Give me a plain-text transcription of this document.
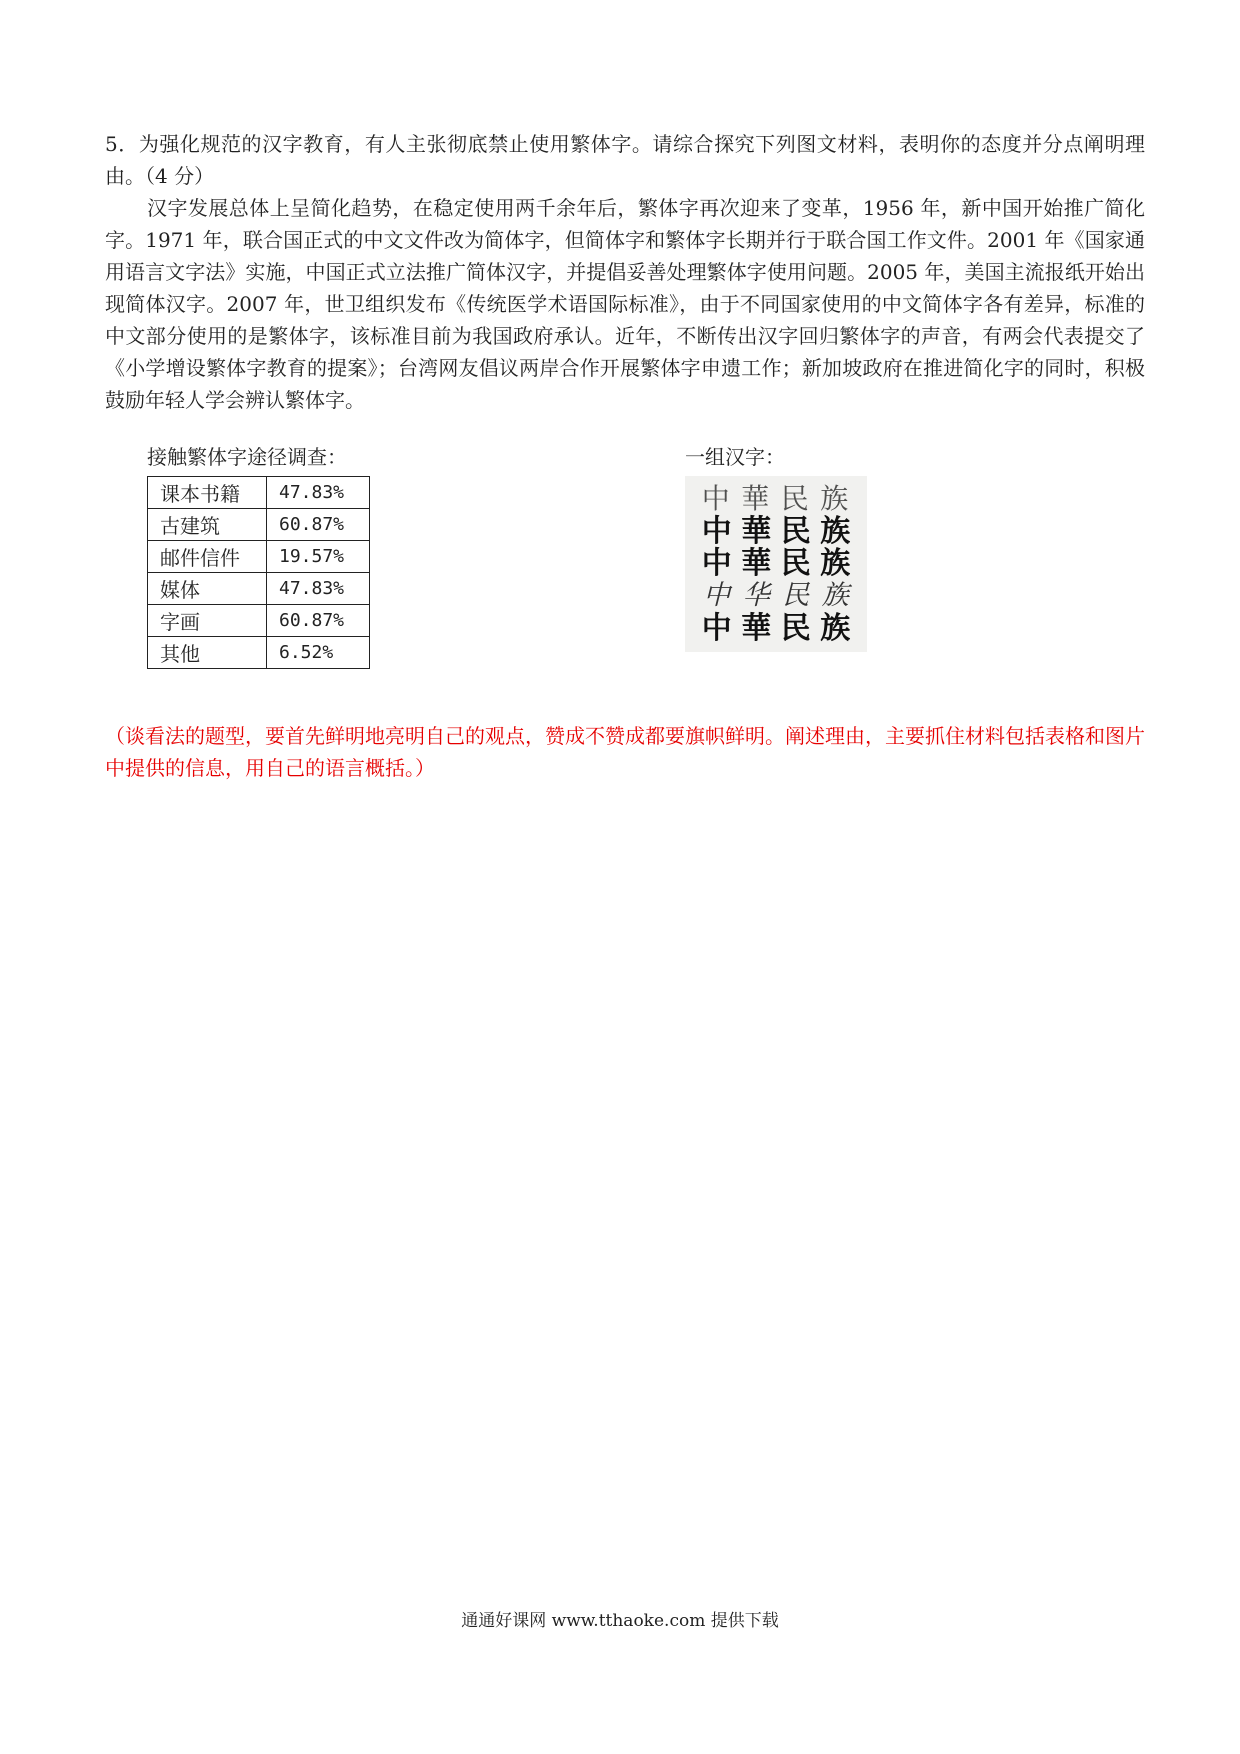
5．为强化规范的汉字教育，有人主张彻底禁止使用繁体字。请综合探究下列图文材料，表明你的态度并分点阐明理由。（4 分）

汉字发展总体上呈简化趋势，在稳定使用两千余年后，繁体字再次迎来了变革，1956 年，新中国开始推广简化字。1971 年，联合国正式的中文文件改为简体字，但简体字和繁体字长期并行于联合国工作文件。2001 年《国家通用语言文字法》实施，中国正式立法推广简体汉字，并提倡妥善处理繁体字使用问题。2005 年，美国主流报纸开始出现简体汉字。2007 年，世卫组织发布《传统医学术语国际标准》，由于不同国家使用的中文简体字各有差异，标准的中文部分使用的是繁体字，该标准目前为我国政府承认。近年，不断传出汉字回归繁体字的声音，有两会代表提交了《小学增设繁体字教育的提案》；台湾网友倡议两岸合作开展繁体字申遗工作；新加坡政府在推进简化字的同时，积极鼓励年轻人学会辨认繁体字。

接触繁体字途径调查：

课本书籍	47.83%
古建筑	60.87%
邮件信件	19.57%
媒体	47.83%
字画	60.87%
其他	6.52%

一组汉字：

中 華 民 族
中 華 民 族
中 華 民 族
中 华 民 族
中 華 民 族

（谈看法的题型，要首先鲜明地亮明自己的观点，赞成不赞成都要旗帜鲜明。阐述理由，主要抓住材料包括表格和图片中提供的信息，用自己的语言概括。）

通通好课网 www.tthaoke.com 提供下载
